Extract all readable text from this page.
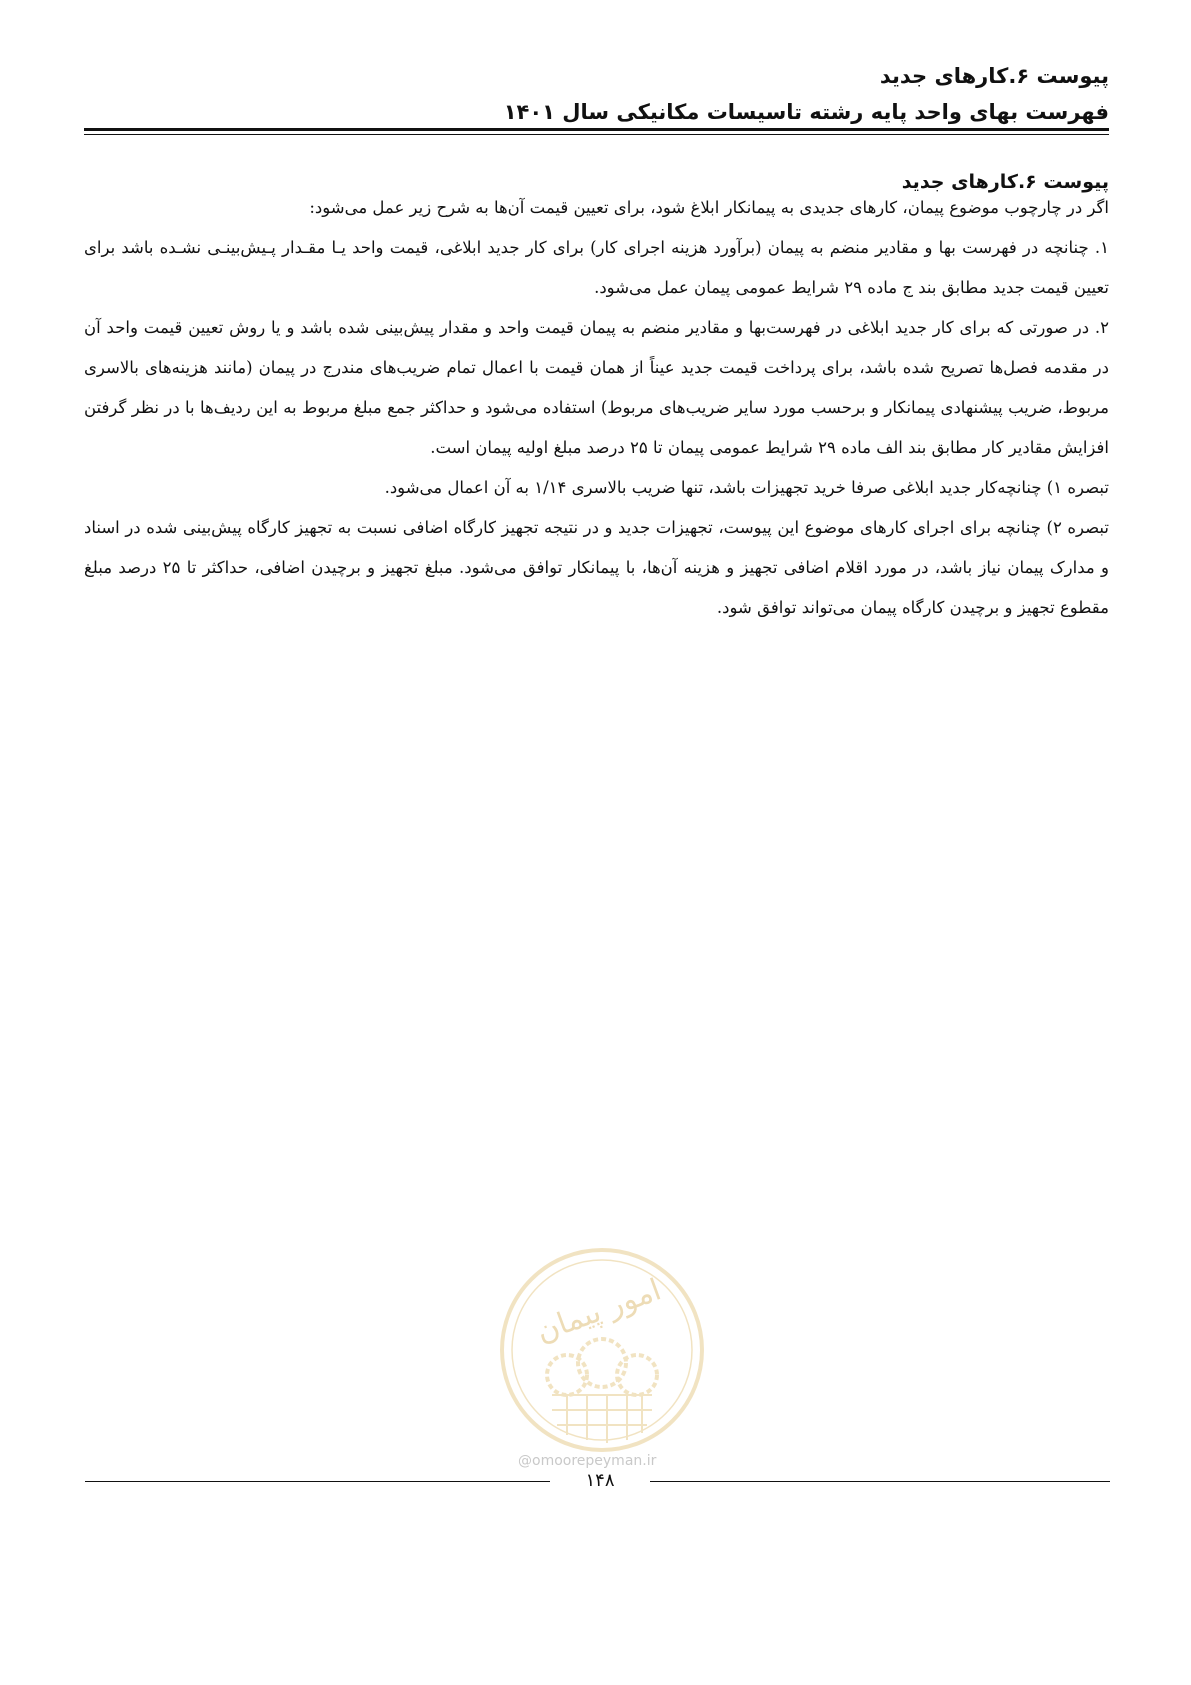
پیوست ۶.کارهای جدید
فهرست بهای واحد پایه رشته تاسیسات مکانیکی سال ۱۴۰۱
پیوست ۶.کارهای جدید

اگر در چارچوب موضوع پیمان، کارهای جدیدی به پیمانکار ابلاغ شود، برای تعیین قیمت آن‌ها به شرح زیر عمل می‌شود:

۱. چنانچه در فهرست بها و مقادیر منضم به پیمان (برآورد هزینه اجرای کار) برای کار جدید ابلاغی، قیمت واحد یـا مقـدار پـیش‌بینـی نشـده باشد برای تعیین قیمت جدید مطابق بند ج ماده ۲۹ شرایط عمومی پیمان عمل می‌شود.

۲. در صورتی که برای کار جدید ابلاغی در فهرست‌بها و مقادیر منضم به پیمان قیمت واحد و مقدار پیش‌بینی شده باشد و یا روش تعیین قیمت واحد آن در مقدمه فصل‌ها تصریح شده باشد، برای پرداخت قیمت جدید عیناً از همان قیمت با اعمال تمام ضریب‌های مندرج در پیمان (مانند هزینه‌های بالاسری مربوط، ضریب پیشنهادی پیمانکار و برحسب مورد سایر ضریب‌های مربوط) استفاده می‌شود و حداکثر جمع مبلغ مربوط به این ردیف‌ها با در نظر گرفتن افزایش مقادیر کار مطابق بند الف ماده ۲۹ شرایط عمومی پیمان تا ۲۵ درصد مبلغ اولیه پیمان است.

تبصره ۱) چنانچه‌کار جدید ابلاغی صرفا خرید تجهیزات باشد، تنها ضریب بالاسری ۱/۱۴ به آن اعمال می‌شود.

تبصره ۲) چنانچه برای اجرای کارهای موضوع این پیوست، تجهیزات جدید و در نتیجه تجهیز کارگاه اضافی نسبت به تجهیز کارگاه پیش‌بینی شده در اسناد و مدارک پیمان نیاز باشد، در مورد اقلام اضافی تجهیز و هزینه آن‌ها، با پیمانکار توافق می‌شود. مبلغ تجهیز و برچیدن اضافی، حداکثر تا ۲۵ درصد مبلغ مقطوع تجهیز و برچیدن کارگاه پیمان می‌تواند توافق شود.

امور پیمان
@omoorepeyman.ir
۱۴۸
